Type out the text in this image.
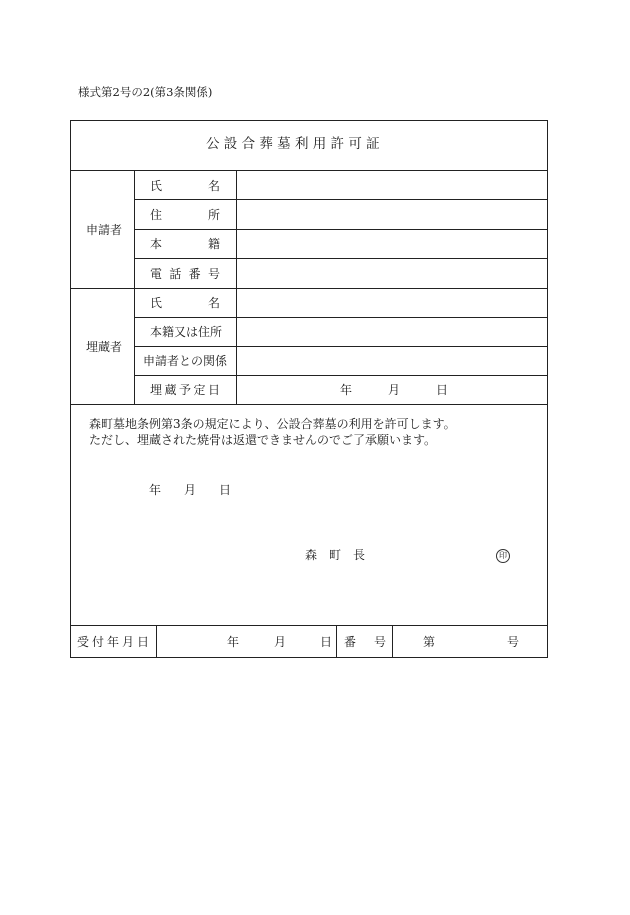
様式第2号の2(第3条関係)
公 設 合 葬 墓 利 用 許 可 証
申請者
氏	名
住	所
本	籍
電 話 番 号
埋蔵者
氏	名
本籍又は住所
申請者との関係
埋 蔵 予 定 日	年	月	日
森町墓地条例第3条の規定により、公設合葬墓の利用を許可します。
ただし、埋蔵された焼骨は返還できませんのでご了承願います。
年 月 日
森 町 長	印
受 付 年 月 日	年	月	日 番 号	第	号
